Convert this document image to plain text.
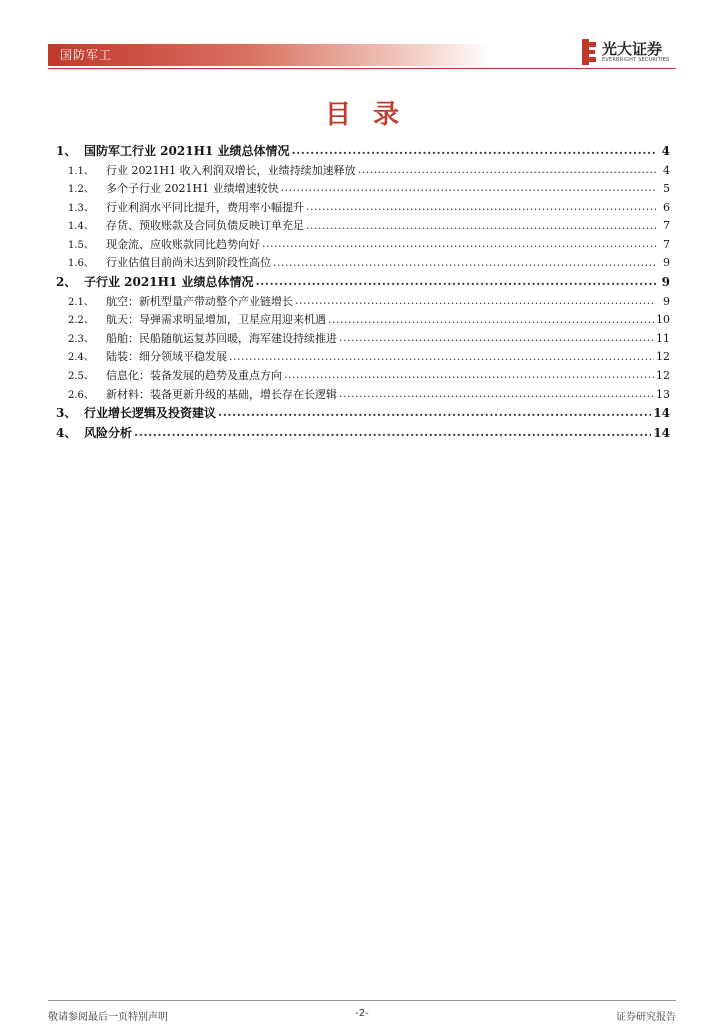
国防军工	光大证券
EVERBRIGHT SECURITIES
目录
1、 国防军工行业 2021H1 业绩总体情况 .....	4
1.1、 行业 2021H1 收入利润双增长，业绩持续加速释放 .....	4
1.2、 多个子行业 2021H1 业绩增速较快 .....	5
1.3、 行业利润水平同比提升，费用率小幅提升 .....	6
1.4、 存货、预收账款及合同负债反映订单充足 .....	7
1.5、 现金流、应收账款同比趋势向好 .....	7
1.6、 行业估值目前尚未达到阶段性高位 .....	9
2、 子行业 2021H1 业绩总体情况 .....	9
2.1、 航空：新机型量产带动整个产业链增长 .....	9
2.2、 航天：导弹需求明显增加，卫星应用迎来机遇 .....	10
2.3、 船舶：民船随航运复苏回暖，海军建设持续推进 .....	11
2.4、 陆装：细分领域平稳发展 .....	12
2.5、 信息化：装备发展的趋势及重点方向 .....	12
2.6、 新材料：装备更新升级的基础，增长存在长逻辑 .....	13
3、 行业增长逻辑及投资建议 .....	14
4、 风险分析 .....	14
敬请参阅最后一页特别声明	-2-	证券研究报告
